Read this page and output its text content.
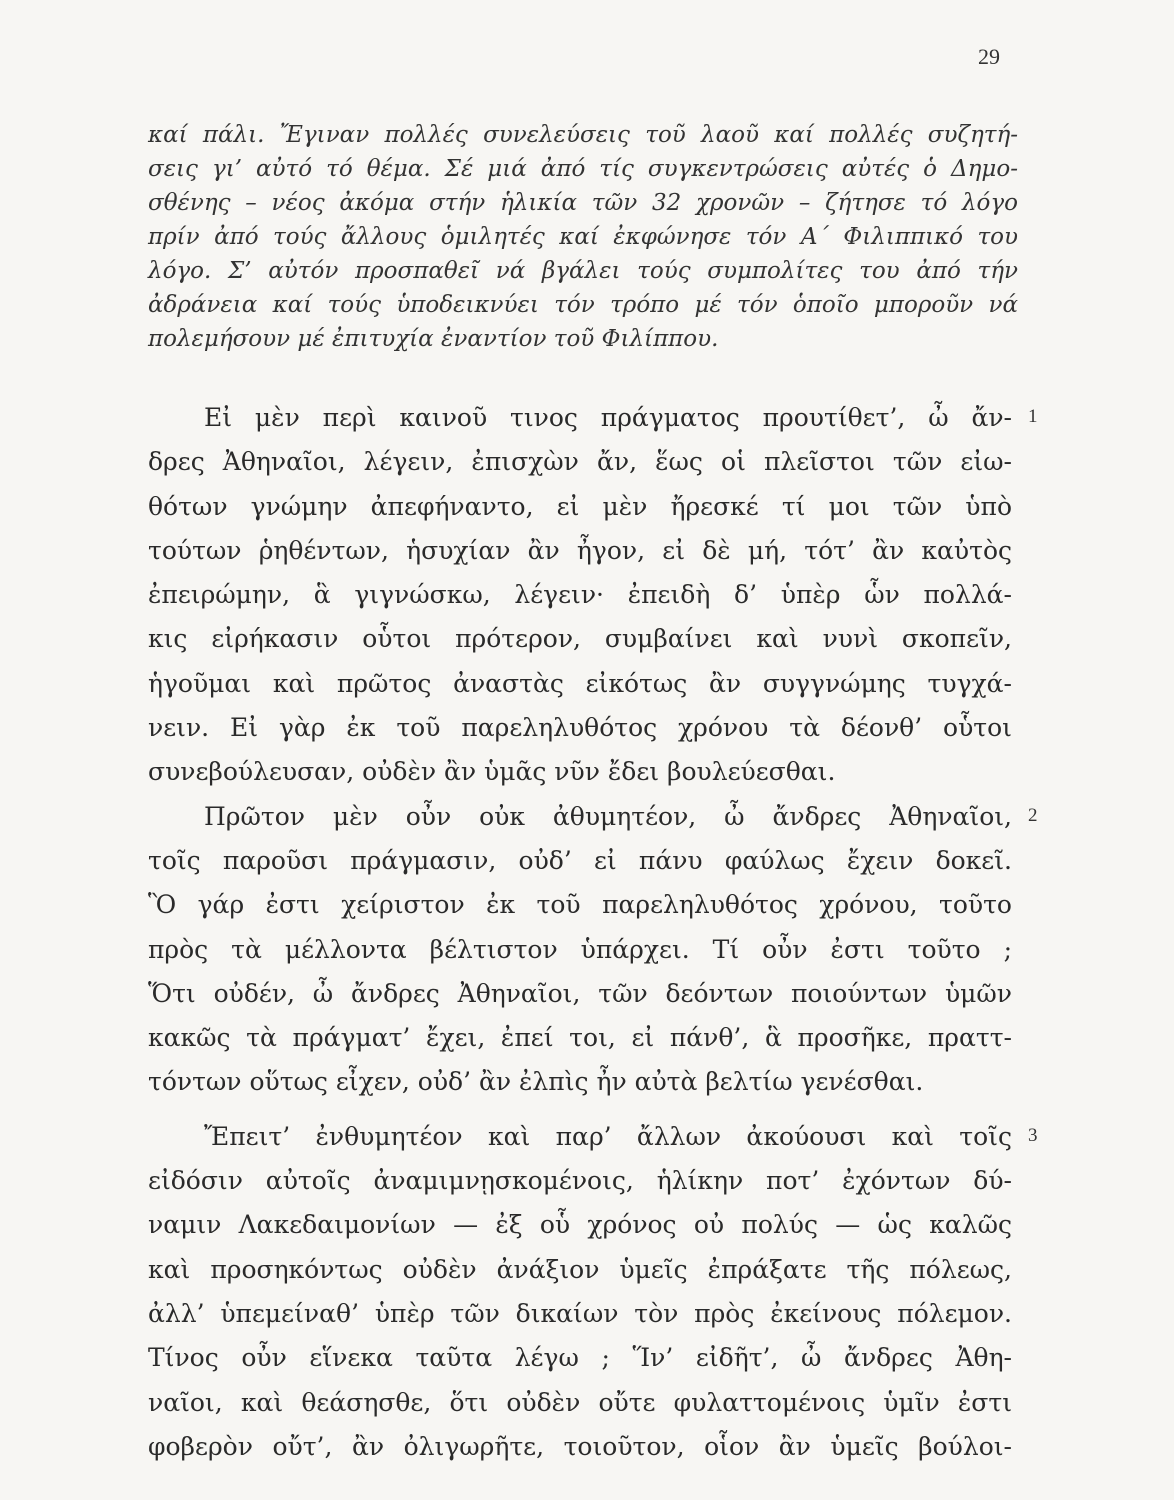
29
καί πάλι. Ἔγιναν πολλές συνελεύσεις τοῦ λαοῦ καί πολλές συζητή-
σεις γι’ αὐτό τό θέμα. Σέ μιά ἀπό τίς συγκεντρώσεις αὐτές ὁ Δημο-
σθένης – νέος ἀκόμα στήν ἡλικία τῶν 32 χρονῶν – ζήτησε τό λόγο
πρίν ἀπό τούς ἄλλους ὁμιλητές καί ἐκφώνησε τόν Α΄ Φιλιππικό του
λόγο. Σ’ αὐτόν προσπαθεῖ νά βγάλει τούς συμπολίτες του ἀπό τήν
ἀδράνεια καί τούς ὑποδεικνύει τόν τρόπο μέ τόν ὁποῖο μποροῦν νά
πολεμήσουν μέ ἐπιτυχία ἐναντίον τοῦ Φιλίππου.
1
Εἰ μὲν περὶ καινοῦ τινος πράγματος προυτίθετ’, ὦ ἄν-
δρες Ἀθηναῖοι, λέγειν, ἐπισχὼν ἄν, ἕως οἱ πλεῖστοι τῶν εἰω-
θότων γνώμην ἀπεφήναντο, εἰ μὲν ἤρεσκέ τί μοι τῶν ὑπὸ
τούτων ῥηθέντων, ἡσυχίαν ἂν ἦγον, εἰ δὲ μή, τότ’ ἂν καὐτὸς
ἐπειρώμην, ἃ γιγνώσκω, λέγειν· ἐπειδὴ δ’ ὑπὲρ ὧν πολλά-
κις εἰρήκασιν οὗτοι πρότερον, συμβαίνει καὶ νυνὶ σκοπεῖν,
ἡγοῦμαι καὶ πρῶτος ἀναστὰς εἰκότως ἂν συγγνώμης τυγχά-
νειν. Εἰ γὰρ ἐκ τοῦ παρεληλυθότος χρόνου τὰ δέονθ’ οὗτοι
συνεβούλευσαν, οὐδὲν ἂν ὑμᾶς νῦν ἔδει βουλεύεσθαι.
2
Πρῶτον μὲν οὖν οὐκ ἀθυμητέον, ὦ ἄνδρες Ἀθηναῖοι,
τοῖς παροῦσι πράγμασιν, οὐδ’ εἰ πάνυ φαύλως ἔχειν δοκεῖ.
Ὃ γάρ ἐστι χείριστον ἐκ τοῦ παρεληλυθότος χρόνου, τοῦτο
πρὸς τὰ μέλλοντα βέλτιστον ὑπάρχει. Τί οὖν ἐστι τοῦτο ;
Ὅτι οὐδέν, ὦ ἄνδρες Ἀθηναῖοι, τῶν δεόντων ποιούντων ὑμῶν
κακῶς τὰ πράγματ’ ἔχει, ἐπεί τοι, εἰ πάνθ’, ἃ προσῆκε, πραττ-
τόντων οὕτως εἶχεν, οὐδ’ ἂν ἐλπὶς ἦν αὐτὰ βελτίω γενέσθαι.
3
Ἔπειτ’ ἐνθυμητέον καὶ παρ’ ἄλλων ἀκούουσι καὶ τοῖς
εἰδόσιν αὐτοῖς ἀναμιμνῃσκομένοις, ἡλίκην ποτ’ ἐχόντων δύ-
ναμιν Λακεδαιμονίων — ἐξ οὗ χρόνος οὐ πολύς — ὡς καλῶς
καὶ προσηκόντως οὐδὲν ἀνάξιον ὑμεῖς ἐπράξατε τῆς πόλεως,
ἀλλ’ ὑπεμείναθ’ ὑπὲρ τῶν δικαίων τὸν πρὸς ἐκείνους πόλεμον.
Τίνος οὖν εἵνεκα ταῦτα λέγω ; Ἵν’ εἰδῆτ’, ὦ ἄνδρες Ἀθη-
ναῖοι, καὶ θεάσησθε, ὅτι οὐδὲν οὔτε φυλαττομένοις ὑμῖν ἐστι
φοβερὸν οὔτ’, ἂν ὀλιγωρῆτε, τοιοῦτον, οἷον ἂν ὑμεῖς βούλοι-
